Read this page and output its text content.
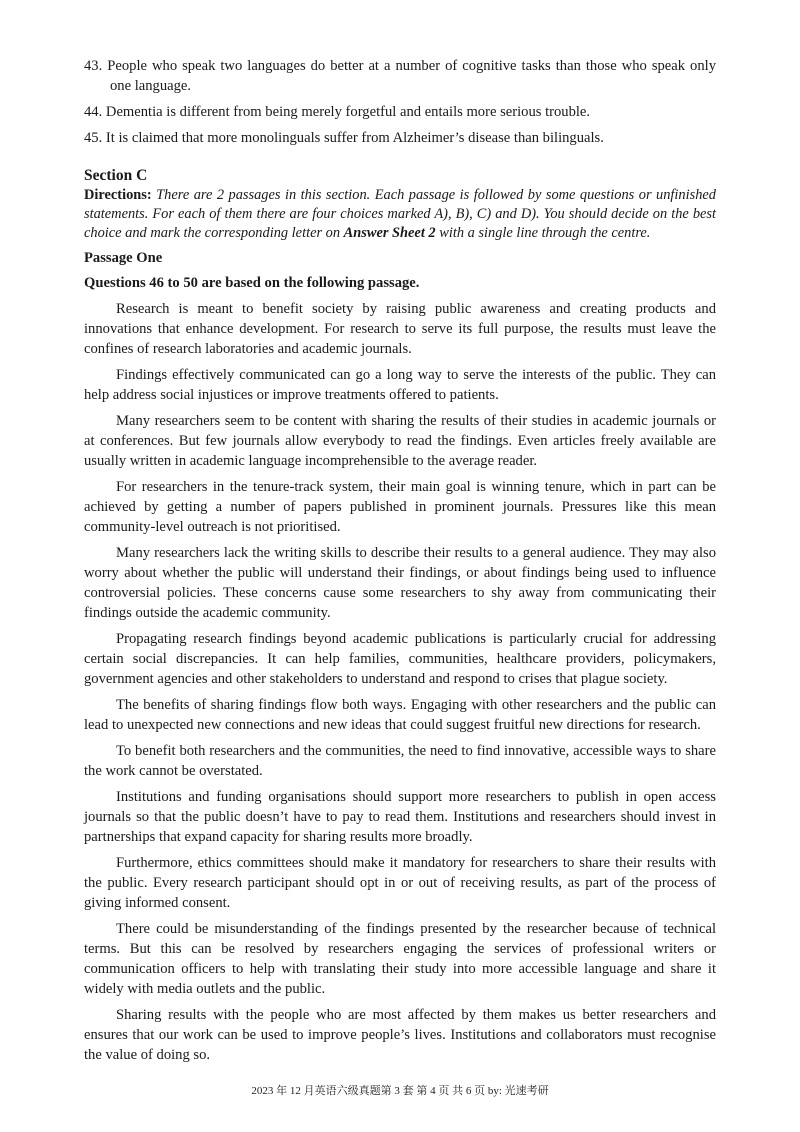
43. People who speak two languages do better at a number of cognitive tasks than those who speak only one language.

44. Dementia is different from being merely forgetful and entails more serious trouble.

45. It is claimed that more monolinguals suffer from Alzheimer’s disease than bilinguals.

Section C

Directions: There are 2 passages in this section. Each passage is followed by some questions or unfinished statements. For each of them there are four choices marked A), B), C) and D). You should decide on the best choice and mark the corresponding letter on Answer Sheet 2 with a single line through the centre.

Passage One

Questions 46 to 50 are based on the following passage.

Research is meant to benefit society by raising public awareness and creating products and innovations that enhance development. For research to serve its full purpose, the results must leave the confines of research laboratories and academic journals.

Findings effectively communicated can go a long way to serve the interests of the public. They can help address social injustices or improve treatments offered to patients.

Many researchers seem to be content with sharing the results of their studies in academic journals or at conferences. But few journals allow everybody to read the findings. Even articles freely available are usually written in academic language incomprehensible to the average reader.

For researchers in the tenure-track system, their main goal is winning tenure, which in part can be achieved by getting a number of papers published in prominent journals. Pressures like this mean community-level outreach is not prioritised.

Many researchers lack the writing skills to describe their results to a general audience. They may also worry about whether the public will understand their findings, or about findings being used to influence controversial policies. These concerns cause some researchers to shy away from communicating their findings outside the academic community.

Propagating research findings beyond academic publications is particularly crucial for addressing certain social discrepancies. It can help families, communities, healthcare providers, policymakers, government agencies and other stakeholders to understand and respond to crises that plague society.

The benefits of sharing findings flow both ways. Engaging with other researchers and the public can lead to unexpected new connections and new ideas that could suggest fruitful new directions for research.

To benefit both researchers and the communities, the need to find innovative, accessible ways to share the work cannot be overstated.

Institutions and funding organisations should support more researchers to publish in open access journals so that the public doesn’t have to pay to read them. Institutions and researchers should invest in partnerships that expand capacity for sharing results more broadly.

Furthermore, ethics committees should make it mandatory for researchers to share their results with the public. Every research participant should opt in or out of receiving results, as part of the process of giving informed consent.

There could be misunderstanding of the findings presented by the researcher because of technical terms. But this can be resolved by researchers engaging the services of professional writers or communication officers to help with translating their study into more accessible language and share it widely with media outlets and the public.

Sharing results with the people who are most affected by them makes us better researchers and ensures that our work can be used to improve people’s lives. Institutions and collaborators must recognise the value of doing so.

2023 年 12 月英语六级真题第 3 套 第 4 页 共 6 页 by: 光速考研
